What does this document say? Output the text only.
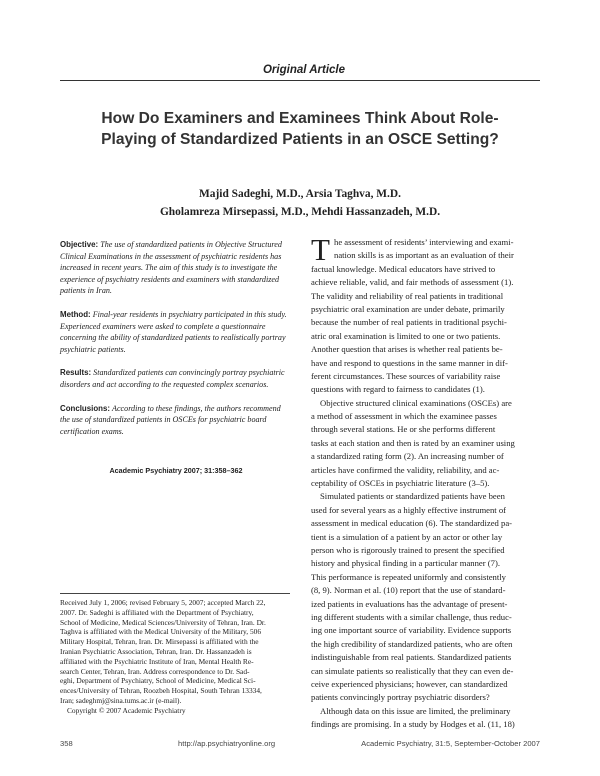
Original Article
How Do Examiners and Examinees Think About Role-
Playing of Standardized Patients in an OSCE Setting?
Majid Sadeghi, M.D., Arsia Taghva, M.D.
Gholamreza Mirsepassi, M.D., Mehdi Hassanzadeh, M.D.

Objective: The use of standardized patients in Objective Structured Clinical Examinations in the assessment of psychiatric residents has increased in recent years. The aim of this study is to investigate the experience of psychiatry residents and examiners with standardized patients in Iran.

Method: Final-year residents in psychiatry participated in this study. Experienced examiners were asked to complete a questionnaire concerning the ability of standardized patients to realistically portray psychiatric patients.

Results: Standardized patients can convincingly portray psychiatric disorders and act according to the requested complex scenarios.

Conclusions: According to these findings, the authors recommend the use of standardized patients in OSCEs for psychiatric board certification exams.

Academic Psychiatry 2007; 31:358–362
Received July 1, 2006; revised February 5, 2007; accepted March 22,
2007. Dr. Sadeghi is affiliated with the Department of Psychiatry,
School of Medicine, Medical Sciences/University of Tehran, Iran. Dr.
Taghva is affiliated with the Medical University of the Military, 506
Military Hospital, Tehran, Iran. Dr. Mirsepassi is affiliated with the
Iranian Psychiatric Association, Tehran, Iran. Dr. Hassanzadeh is
affiliated with the Psychiatric Institute of Iran, Mental Health Re-
search Center, Tehran, Iran. Address correspondence to Dr. Sad-
eghi, Department of Psychiatry, School of Medicine, Medical Sci-
ences/University of Tehran, Roozbeh Hospital, South Tehran 13334,
Iran; sadeghmj@sina.tums.ac.ir (e-mail).
Copyright © 2007 Academic Psychiatry
T he assessment of residents’ interviewing and exami-
nation skills is as important as an evaluation of their
factual knowledge. Medical educators have strived to
achieve reliable, valid, and fair methods of assessment (1).
The validity and reliability of real patients in traditional
psychiatric oral examination are under debate, primarily
because the number of real patients in traditional psychi-
atric oral examination is limited to one or two patients.
Another question that arises is whether real patients be-
have and respond to questions in the same manner in dif-
ferent circumstances. These sources of variability raise
questions with regard to fairness to candidates (1).
Objective structured clinical examinations (OSCEs) are
a method of assessment in which the examinee passes
through several stations. He or she performs different
tasks at each station and then is rated by an examiner using
a standardized rating form (2). An increasing number of
articles have confirmed the validity, reliability, and ac-
ceptability of OSCEs in psychiatric literature (3–5).
Simulated patients or standardized patients have been
used for several years as a highly effective instrument of
assessment in medical education (6). The standardized pa-
tient is a simulation of a patient by an actor or other lay
person who is rigorously trained to present the specified
history and physical finding in a particular manner (7).
This performance is repeated uniformly and consistently
(8, 9). Norman et al. (10) report that the use of standard-
ized patients in evaluations has the advantage of present-
ing different students with a similar challenge, thus reduc-
ing one important source of variability. Evidence supports
the high credibility of standardized patients, who are often
indistinguishable from real patients. Standardized patients
can simulate patients so realistically that they can even de-
ceive experienced physicians; however, can standardized
patients convincingly portray psychiatric disorders?
Although data on this issue are limited, the preliminary
findings are promising. In a study by Hodges et al. (11, 18)
358	http://ap.psychiatryonline.org	Academic Psychiatry, 31:5, September-October 2007
